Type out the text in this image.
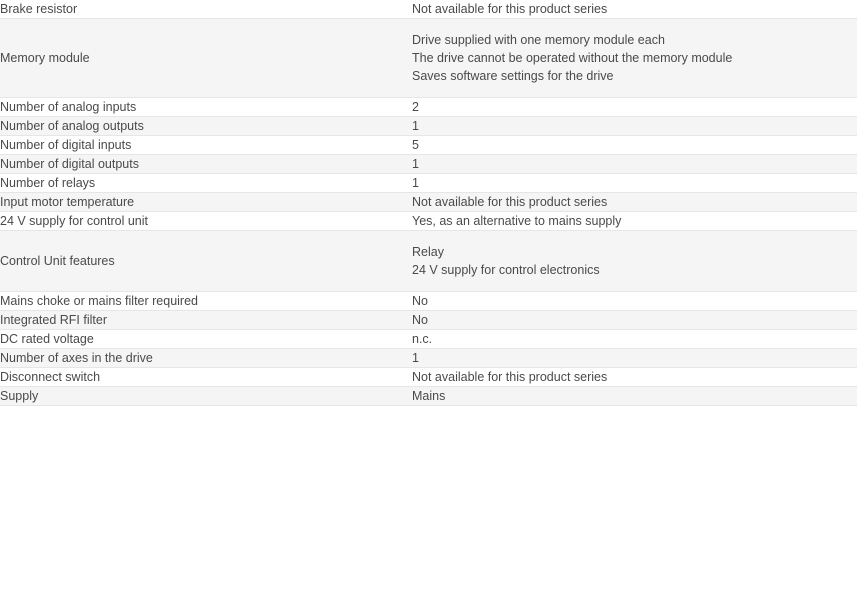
Brake resistor	Not available for this product series

Memory module	Drive supplied with one memory module each
The drive cannot be operated without the memory module
Saves software settings for the drive

Number of analog inputs	2

Number of analog outputs	1

Number of digital inputs	5

Number of digital outputs	1

Number of relays	1

Input motor temperature	Not available for this product series

24 V supply for control unit	Yes, as an alternative to mains supply

Control Unit features	Relay
24 V supply for control electronics

Mains choke or mains filter required	No

Integrated RFI filter	No

DC rated voltage	n.c.

Number of axes in the drive	1

Disconnect switch	Not available for this product series

Supply	Mains
